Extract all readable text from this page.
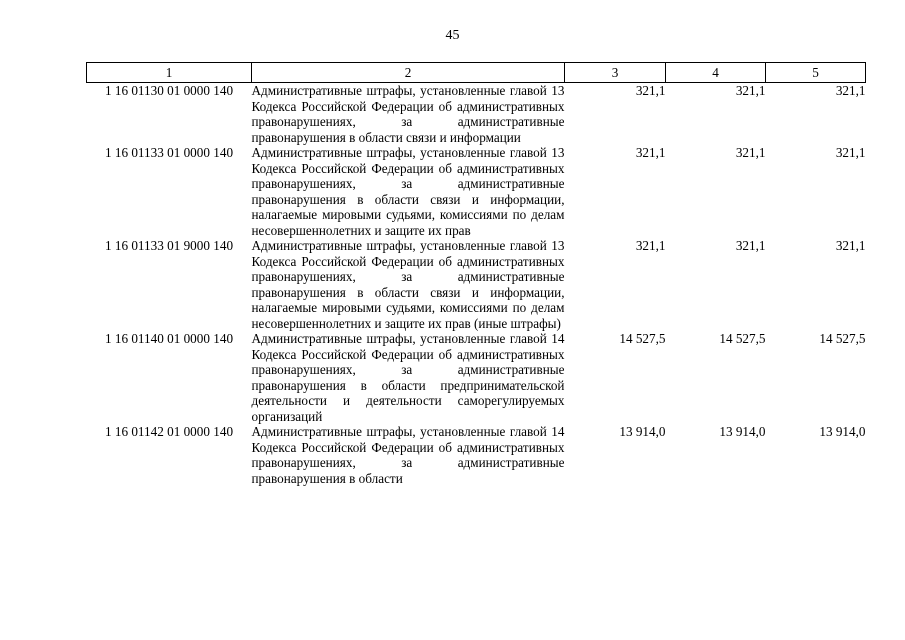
45
1	2	3	4	5
1 16 01130 01 0000 140	Административные штрафы, установленные главой 13 Кодекса Российской Федерации об административных правонарушениях, за административные правонарушения в области связи и информации	321,1	321,1	321,1
1 16 01133 01 0000 140	Административные штрафы, установленные главой 13 Кодекса Российской Федерации об административных правонарушениях, за административные правонарушения в области связи и информации, налагаемые мировыми судьями, комиссиями по делам несовершеннолетних и защите их прав	321,1	321,1	321,1
1 16 01133 01 9000 140	Административные штрафы, установленные главой 13 Кодекса Российской Федерации об административных правонарушениях, за административные правонарушения в области связи и информации, налагаемые мировыми судьями, комиссиями по делам несовершеннолетних и защите их прав (иные штрафы)	321,1	321,1	321,1
1 16 01140 01 0000 140	Административные штрафы, установленные главой 14 Кодекса Российской Федерации об административных правонарушениях, за административные правонарушения в области предпринимательской деятельности и деятельности саморегулируемых организаций	14 527,5	14 527,5	14 527,5
1 16 01142 01 0000 140	Административные штрафы, установленные главой 14 Кодекса Российской Федерации об административных правонарушениях, за административные правонарушения в области	13 914,0	13 914,0	13 914,0
